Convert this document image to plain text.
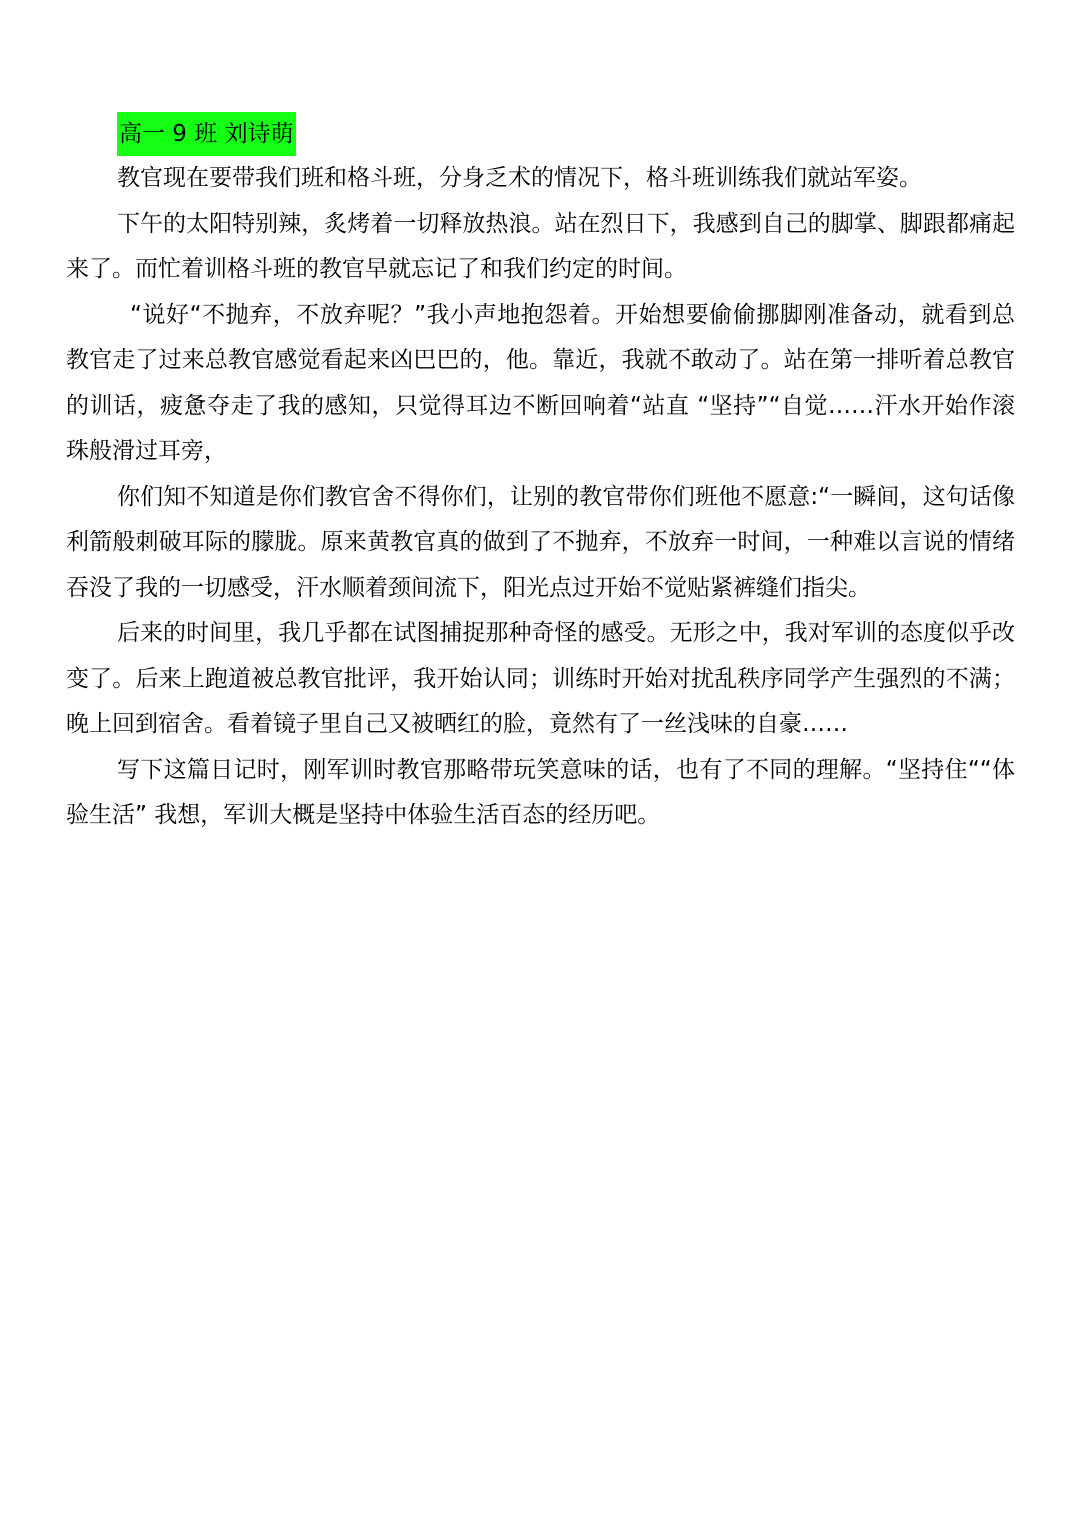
高一 9 班 刘诗萌

教官现在要带我们班和格斗班，分身乏术的情况下，格斗班训练我们就站军姿。

下午的太阳特别辣，炙烤着一切释放热浪。站在烈日下，我感到自己的脚掌、脚跟都痛起来了。而忙着训格斗班的教官早就忘记了和我们约定的时间。

“说好“不抛弃，不放弃呢？”我小声地抱怨着。开始想要偷偷挪脚刚准备动，就看到总教官走了过来总教官感觉看起来凶巴巴的，他。靠近，我就不敢动了。站在第一排听着总教官的训话，疲惫夺走了我的感知，只觉得耳边不断回响着“站直 “坚持”“自觉……汗水开始作滚珠般滑过耳旁，

你们知不知道是你们教官舍不得你们，让别的教官带你们班他不愿意:“一瞬间，这句话像利箭般刺破耳际的朦胧。原来黄教官真的做到了不抛弃，不放弃一时间，一种难以言说的情绪吞没了我的一切感受，汗水顺着颈间流下，阳光点过开始不觉贴紧裤缝们指尖。

后来的时间里，我几乎都在试图捕捉那种奇怪的感受。无形之中，我对军训的态度似乎改变了。后来上跑道被总教官批评，我开始认同；训练时开始对扰乱秩序同学产生强烈的不满；晚上回到宿舍。看着镜子里自己又被晒红的脸，竟然有了一丝浅味的自豪……

写下这篇日记时，刚军训时教官那略带玩笑意味的话，也有了不同的理解。“坚持住““体验生活” 我想，军训大概是坚持中体验生活百态的经历吧。
